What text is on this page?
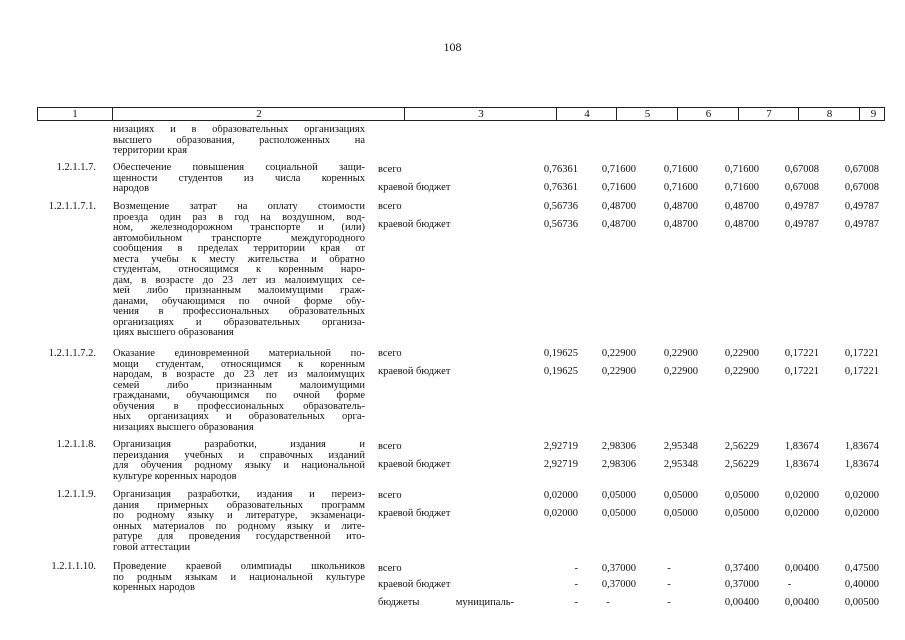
108
1	2	3	4	5	6	7	8	9
низациях и в образовательных организациях
высшего образования, расположенных на
территории края
1.2.1.1.7. Обеспечение повышения социальной защи-
щенности студентов из числа коренных
народов
всего	0,76361	0,71600	0,71600	0,71600	0,67008	0,67008
краевой бюджет	0,76361	0,71600	0,71600	0,71600	0,67008	0,67008
1.2.1.1.7.1. Возмещение затрат на оплату стоимости
проезда один раз в год на воздушном, вод-
ном, железнодорожном транспорте и (или)
автомобильном транспорте междугородного
сообщения в пределах территории края от
места учебы к месту жительства и обратно
студентам, относящимся к коренным наро-
дам, в возрасте до 23 лет из малоимущих се-
мей либо признанным малоимущими граж-
данами, обучающимся по очной форме обу-
чения в профессиональных образовательных
организациях и образовательных организа-
циях высшего образования
всего	0,56736	0,48700	0,48700	0,48700	0,49787	0,49787
краевой бюджет	0,56736	0,48700	0,48700	0,48700	0,49787	0,49787
1.2.1.1.7.2. Оказание единовременной материальной по-
мощи студентам, относящимся к коренным
народам, в возрасте до 23 лет из малоимущих
семей либо признанным малоимущими
гражданами, обучающимся по очной форме
обучения в профессиональных образователь-
ных организациях и образовательных орга-
низациях высшего образования
всего	0,19625	0,22900	0,22900	0,22900	0,17221	0,17221
краевой бюджет	0,19625	0,22900	0,22900	0,22900	0,17221	0,17221
1.2.1.1.8. Организация разработки, издания и
переиздания учебных и справочных изданий
для обучения родному языку и национальной
культуре коренных народов
всего	2,92719	2,98306	2,95348	2,56229	1,83674	1,83674
краевой бюджет	2,92719	2,98306	2,95348	2,56229	1,83674	1,83674
1.2.1.1.9. Организация разработки, издания и переиз-
дания примерных образовательных программ
по родному языку и литературе, экзаменаци-
онных материалов по родному языку и лите-
ратуре для проведения государственной ито-
говой аттестации
всего	0,02000	0,05000	0,05000	0,05000	0,02000	0,02000
краевой бюджет	0,02000	0,05000	0,05000	0,05000	0,02000	0,02000
1.2.1.1.10. Проведение краевой олимпиады школьников
по родным языкам и национальной культуре
коренных народов
всего	-	0,37000	-	0,37400	0,00400	0,47500
краевой бюджет	-	0,37000	-	0,37000	-	0,40000
бюджеты муниципаль-	-	-	-	0,00400	0,00400	0,00500
